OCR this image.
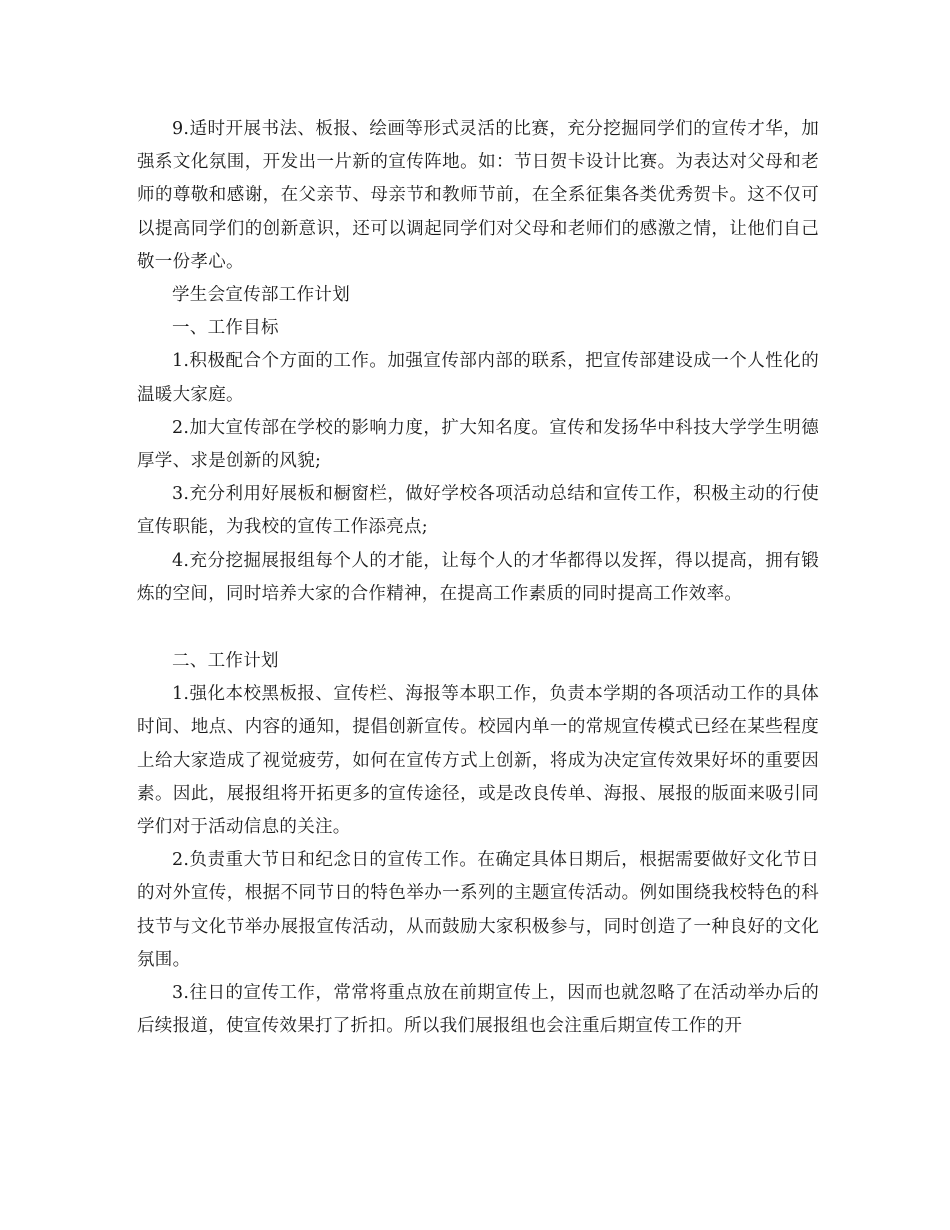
9.适时开展书法、板报、绘画等形式灵活的比赛，充分挖掘同学们的宣传才华，加强系文化氛围，开发出一片新的宣传阵地。如：节日贺卡设计比赛。为表达对父母和老师的尊敬和感谢，在父亲节、母亲节和教师节前，在全系征集各类优秀贺卡。这不仅可以提高同学们的创新意识，还可以调起同学们对父母和老师们的感激之情，让他们自己敬一份孝心。

学生会宣传部工作计划

一、工作目标

1.积极配合个方面的工作。加强宣传部内部的联系，把宣传部建设成一个人性化的温暖大家庭。

2.加大宣传部在学校的影响力度，扩大知名度。宣传和发扬华中科技大学学生明德厚学、求是创新的风貌;

3.充分利用好展板和橱窗栏，做好学校各项活动总结和宣传工作，积极主动的行使宣传职能，为我校的宣传工作添亮点;

4.充分挖掘展报组每个人的才能，让每个人的才华都得以发挥，得以提高，拥有锻炼的空间，同时培养大家的合作精神，在提高工作素质的同时提高工作效率。

二、工作计划

1.强化本校黑板报、宣传栏、海报等本职工作，负责本学期的各项活动工作的具体时间、地点、内容的通知，提倡创新宣传。校园内单一的常规宣传模式已经在某些程度上给大家造成了视觉疲劳，如何在宣传方式上创新，将成为决定宣传效果好坏的重要因素。因此，展报组将开拓更多的宣传途径，或是改良传单、海报、展报的版面来吸引同学们对于活动信息的关注。

2.负责重大节日和纪念日的宣传工作。在确定具体日期后，根据需要做好文化节日的对外宣传，根据不同节日的特色举办一系列的主题宣传活动。例如围绕我校特色的科技节与文化节举办展报宣传活动，从而鼓励大家积极参与，同时创造了一种良好的文化氛围。

3.往日的宣传工作，常常将重点放在前期宣传上，因而也就忽略了在活动举办后的后续报道，使宣传效果打了折扣。所以我们展报组也会注重后期宣传工作的开
